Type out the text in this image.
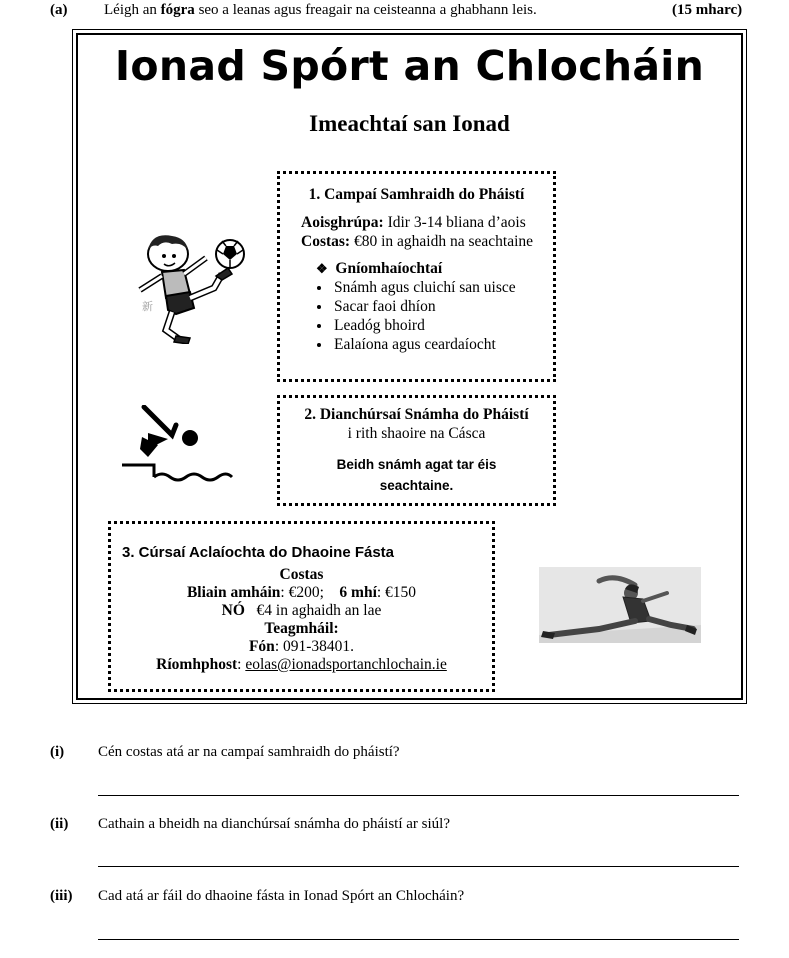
(a) Léigh an fógra seo a leanas agus freagair na ceisteanna a ghabhann leis.	(15 mharc)
Ionad Spórt an Chlocháin
Imeachtaí san Ionad
1. Campaí Samhraidh do Pháistí
Aoisghrúpa: Idir 3-14 bliana d’aois
Costas: €80 in aghaidh na seachtaine
❖ Gníomhaíochtaí
• Snámh agus cluichí san uisce
• Sacar faoi dhíon
• Leadóg bhoird
• Ealaíona agus ceardaíocht
2. Dianchúrsaí Snámha do Pháistí
i rith shaoire na Cásca
Beidh snámh agat tar éis
seachtaine.
3. Cúrsaí Aclaíochta do Dhaoine Fásta
Costas
Bliain amháin: €200; 6 mhí: €150
NÓ   €4 in aghaidh an lae
Teagmháil:
Fón: 091-38401.
Ríomhphost: eolas@ionadsportanchlochain.ie
新
(i) Cén costas atá ar na campaí samhraidh do pháistí?
(ii) Cathain a bheidh na dianchúrsaí snámha do pháistí ar siúl?
(iii) Cad atá ar fáil do dhaoine fásta in Ionad Spórt an Chlocháin?
